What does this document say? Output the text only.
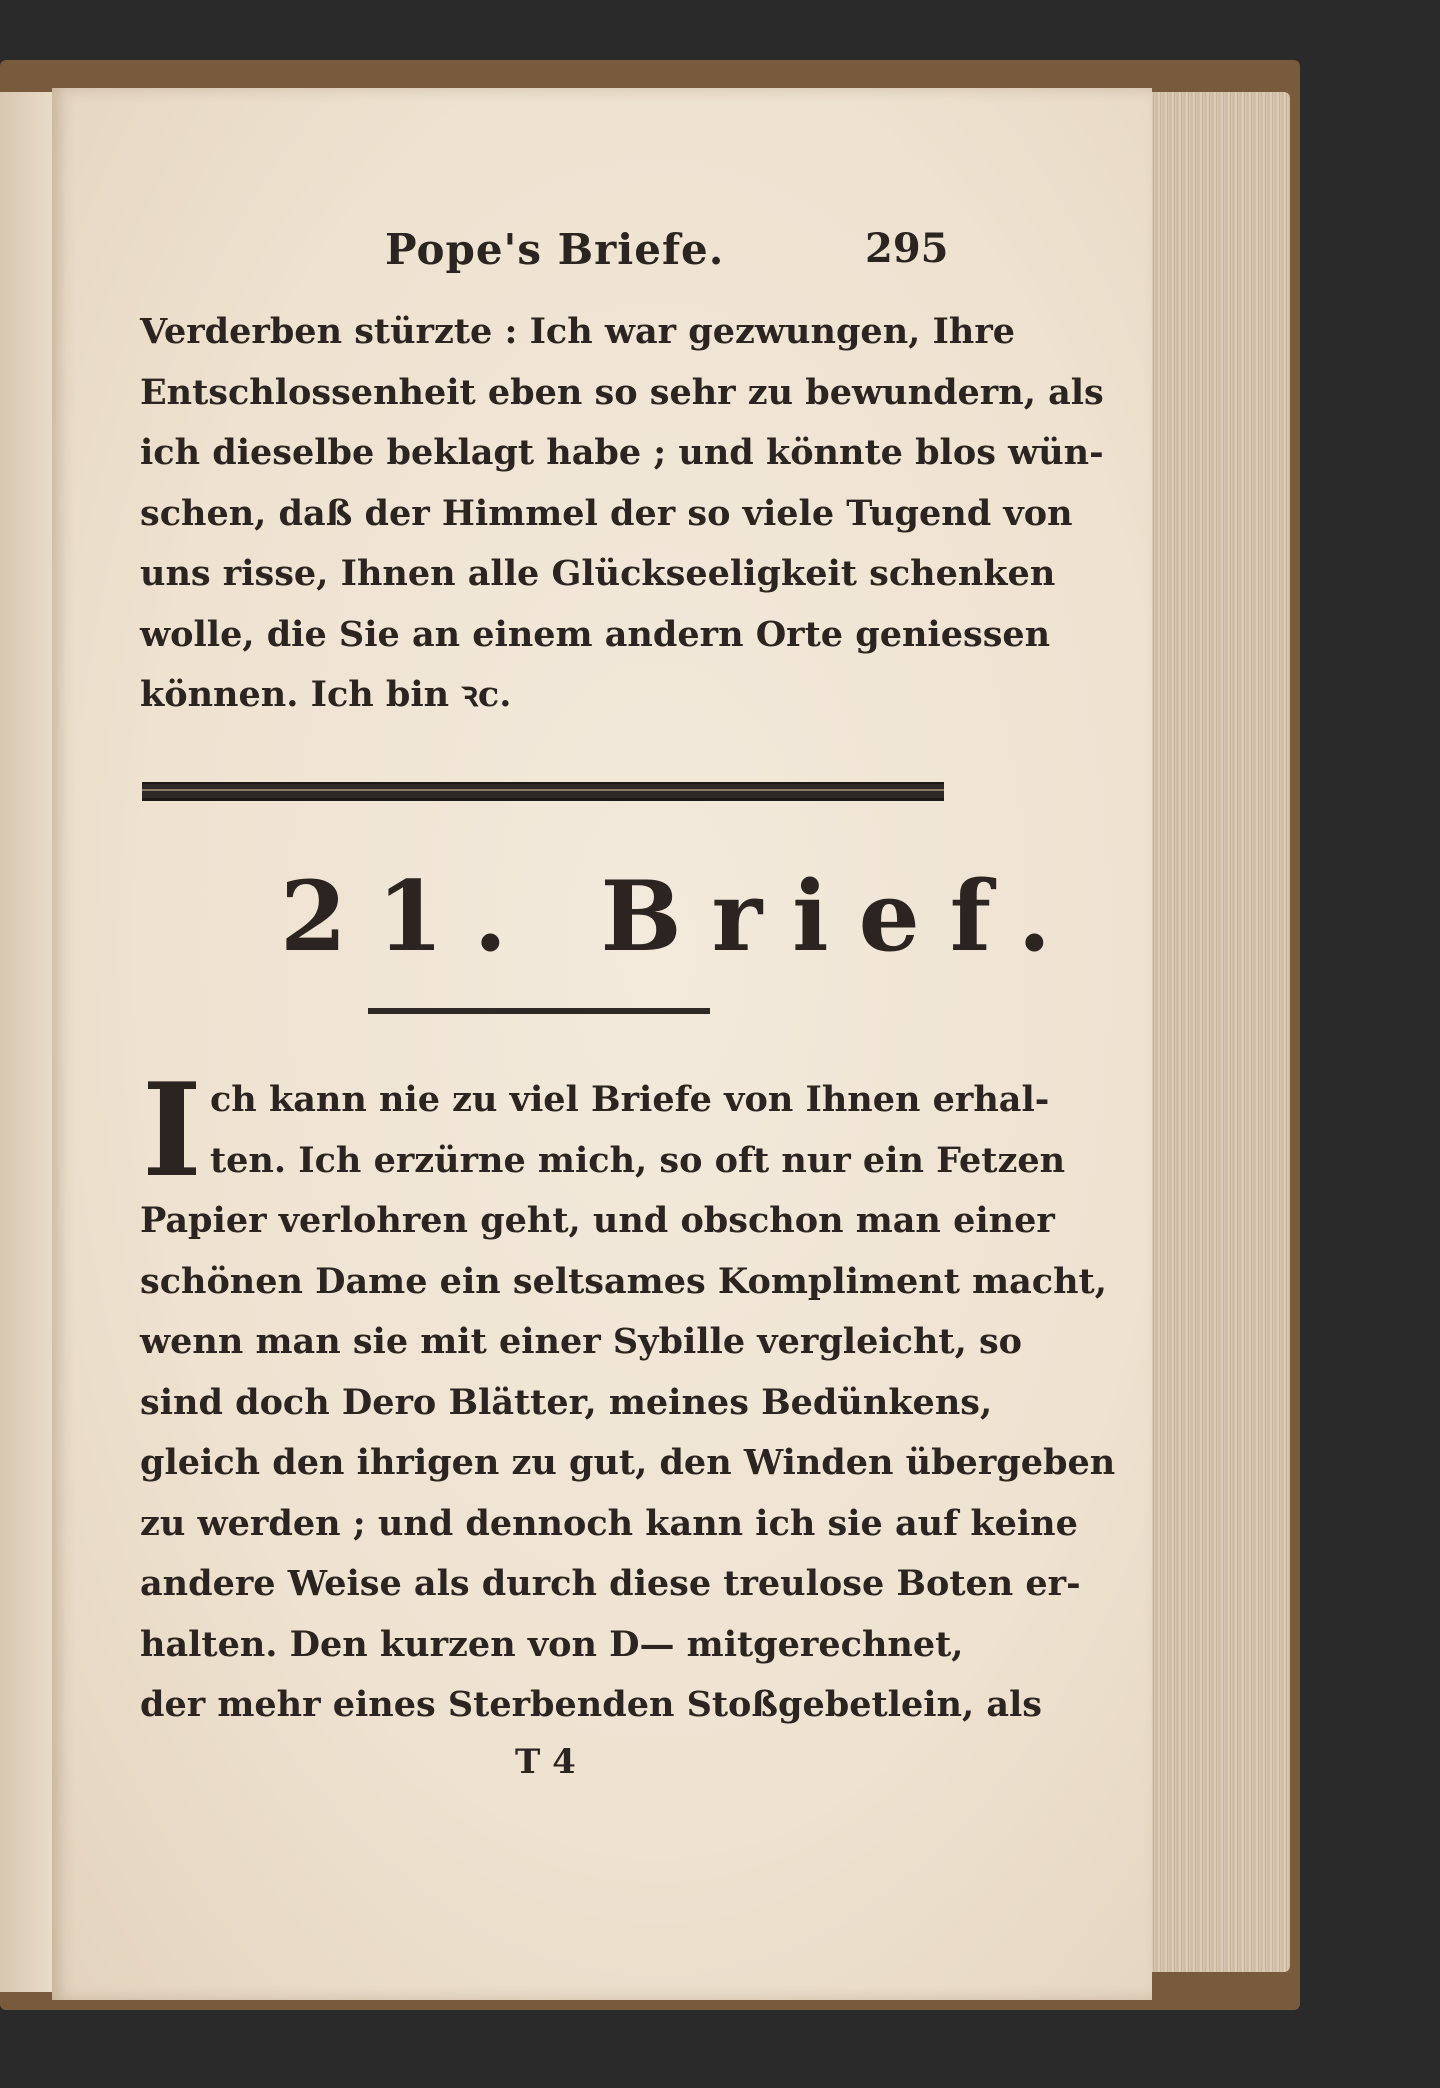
Pope's Briefe.	295
Verderben stürzte : Ich war gezwungen, Ihre
Entschlossenheit eben so sehr zu bewundern, als
ich dieselbe beklagt habe ; und könnte blos wün-
schen, daß der Himmel der so viele Tugend von
uns risse, Ihnen alle Glückseeligkeit schenken
wolle, die Sie an einem andern Orte geniessen
können. Ich bin ꝛc.
21. Brief.
I ch kann nie zu viel Briefe von Ihnen erhal-
ten. Ich erzürne mich, so oft nur ein Fetzen
Papier verlohren geht, und obschon man einer
schönen Dame ein seltsames Kompliment macht,
wenn man sie mit einer Sybille vergleicht, so
sind doch Dero Blätter, meines Bedünkens,
gleich den ihrigen zu gut, den Winden übergeben
zu werden ; und dennoch kann ich sie auf keine
andere Weise als durch diese treulose Boten er-
halten. Den kurzen von D— mitgerechnet,
der mehr eines Sterbenden Stoßgebetlein, als
T 4
